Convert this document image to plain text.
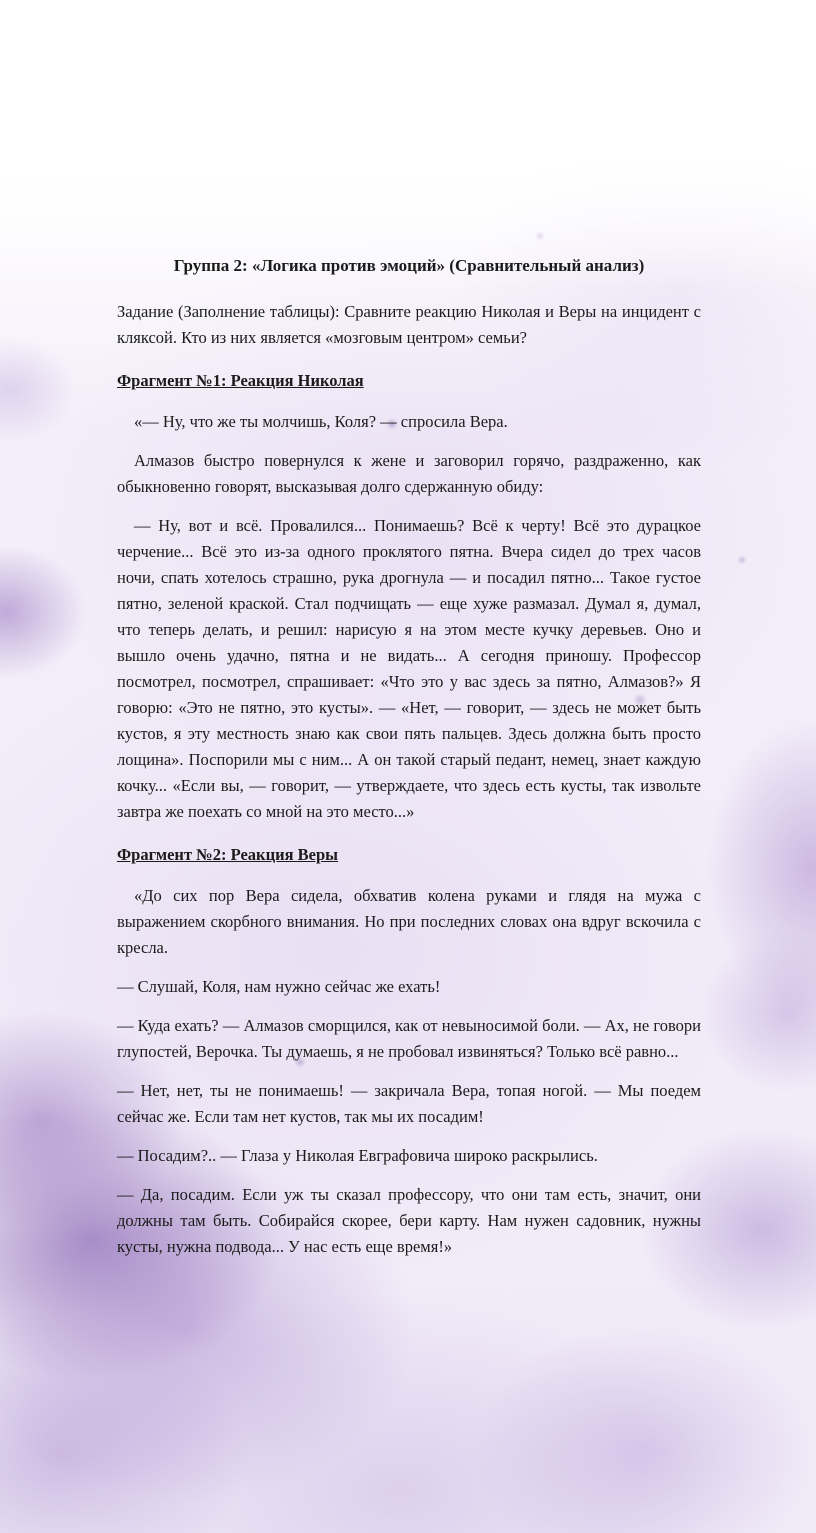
Группа 2: «Логика против эмоций» (Сравнительный анализ)

Задание (Заполнение таблицы): Сравните реакцию Николая и Веры на инцидент с кляксой. Кто из них является «мозговым центром» семьи?

Фрагмент №1: Реакция Николая

«— Ну, что же ты молчишь, Коля? — спросила Вера.

Алмазов быстро повернулся к жене и заговорил горячо, раздраженно, как обыкновенно говорят, высказывая долго сдержанную обиду:

— Ну, вот и всё. Провалился... Понимаешь? Всё к черту! Всё это дурацкое черчение... Всё это из-за одного проклятого пятна. Вчера сидел до трех часов ночи, спать хотелось страшно, рука дрогнула — и посадил пятно... Такое густое пятно, зеленой краской. Стал подчищать — еще хуже размазал. Думал я, думал, что теперь делать, и решил: нарисую я на этом месте кучку деревьев. Оно и вышло очень удачно, пятна и не видать... А сегодня приношу. Профессор посмотрел, посмотрел, спрашивает: «Что это у вас здесь за пятно, Алмазов?» Я говорю: «Это не пятно, это кусты». — «Нет, — говорит, — здесь не может быть кустов, я эту местность знаю как свои пять пальцев. Здесь должна быть просто лощина». Поспорили мы с ним... А он такой старый педант, немец, знает каждую кочку... «Если вы, — говорит, — утверждаете, что здесь есть кусты, так извольте завтра же поехать со мной на это место...»

Фрагмент №2: Реакция Веры

«До сих пор Вера сидела, обхватив колена руками и глядя на мужа с выражением скорбного внимания. Но при последних словах она вдруг вскочила с кресла.

— Слушай, Коля, нам нужно сейчас же ехать!

— Куда ехать? — Алмазов сморщился, как от невыносимой боли. — Ах, не говори глупостей, Верочка. Ты думаешь, я не пробовал извиняться? Только всё равно...

— Нет, нет, ты не понимаешь! — закричала Вера, топая ногой. — Мы поедем сейчас же. Если там нет кустов, так мы их посадим!

— Посадим?.. — Глаза у Николая Евграфовича широко раскрылись.

— Да, посадим. Если уж ты сказал профессору, что они там есть, значит, они должны там быть. Собирайся скорее, бери карту. Нам нужен садовник, нужны кусты, нужна подвода... У нас есть еще время!»
